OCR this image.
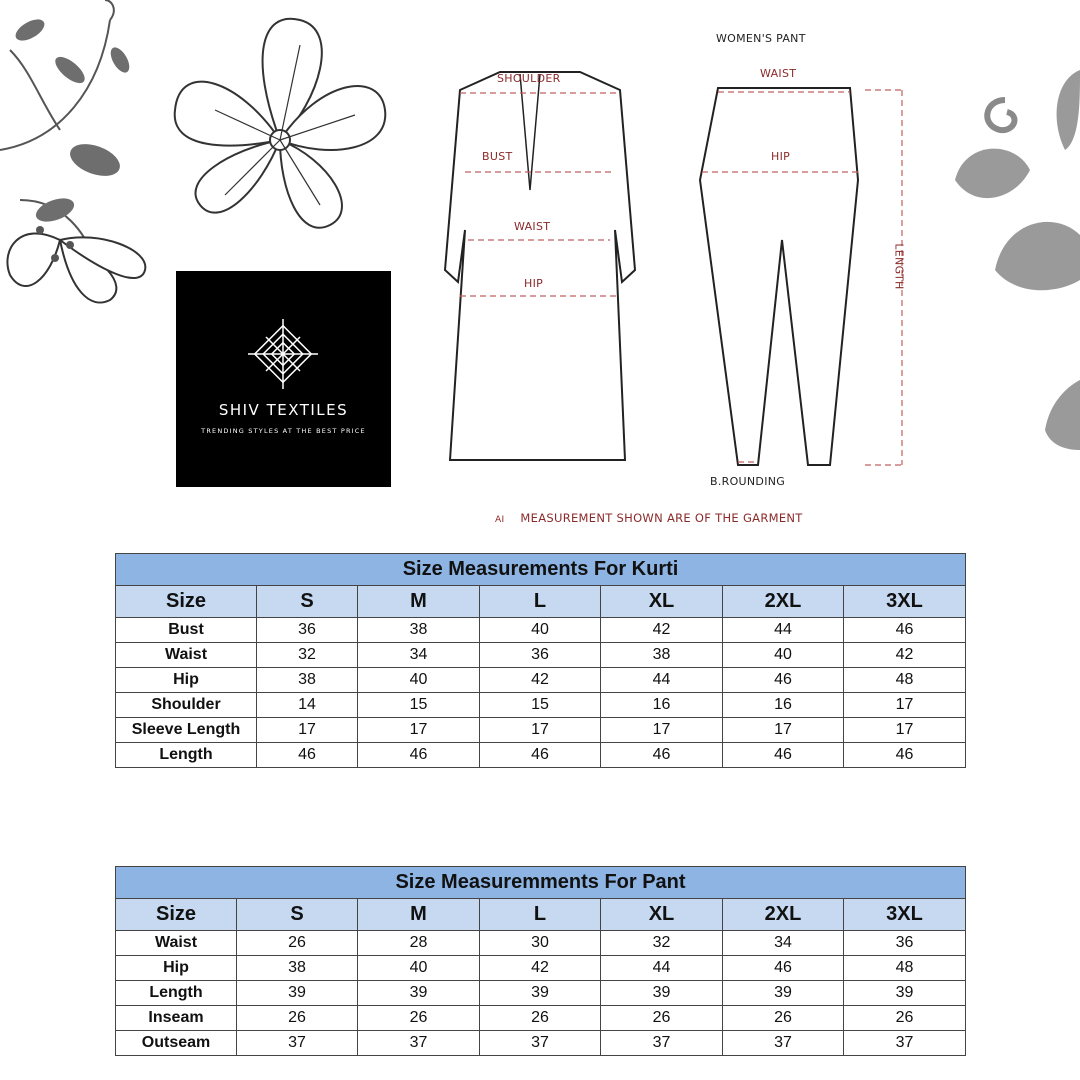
SHIV TEXTILES
TRENDING STYLES AT THE BEST PRICE
WOMEN'S PANT
SHOULDER
BUST
WAIST
HIP
WAIST
HIP
LENGTH
B.ROUNDING
AI MEASUREMENT SHOWN ARE OF THE GARMENT
Size Measurements For Kurti						
Size	S	M	L	XL	2XL	3XL
Bust	36	38	40	42	44	46
Waist	32	34	36	38	40	42
Hip	38	40	42	44	46	48
Shoulder	14	15	15	16	16	17
Sleeve Length	17	17	17	17	17	17
Length	46	46	46	46	46	46
Size Measuremments For Pant						
Size	S	M	L	XL	2XL	3XL
Waist	26	28	30	32	34	36
Hip	38	40	42	44	46	48
Length	39	39	39	39	39	39
Inseam	26	26	26	26	26	26
Outseam	37	37	37	37	37	37
